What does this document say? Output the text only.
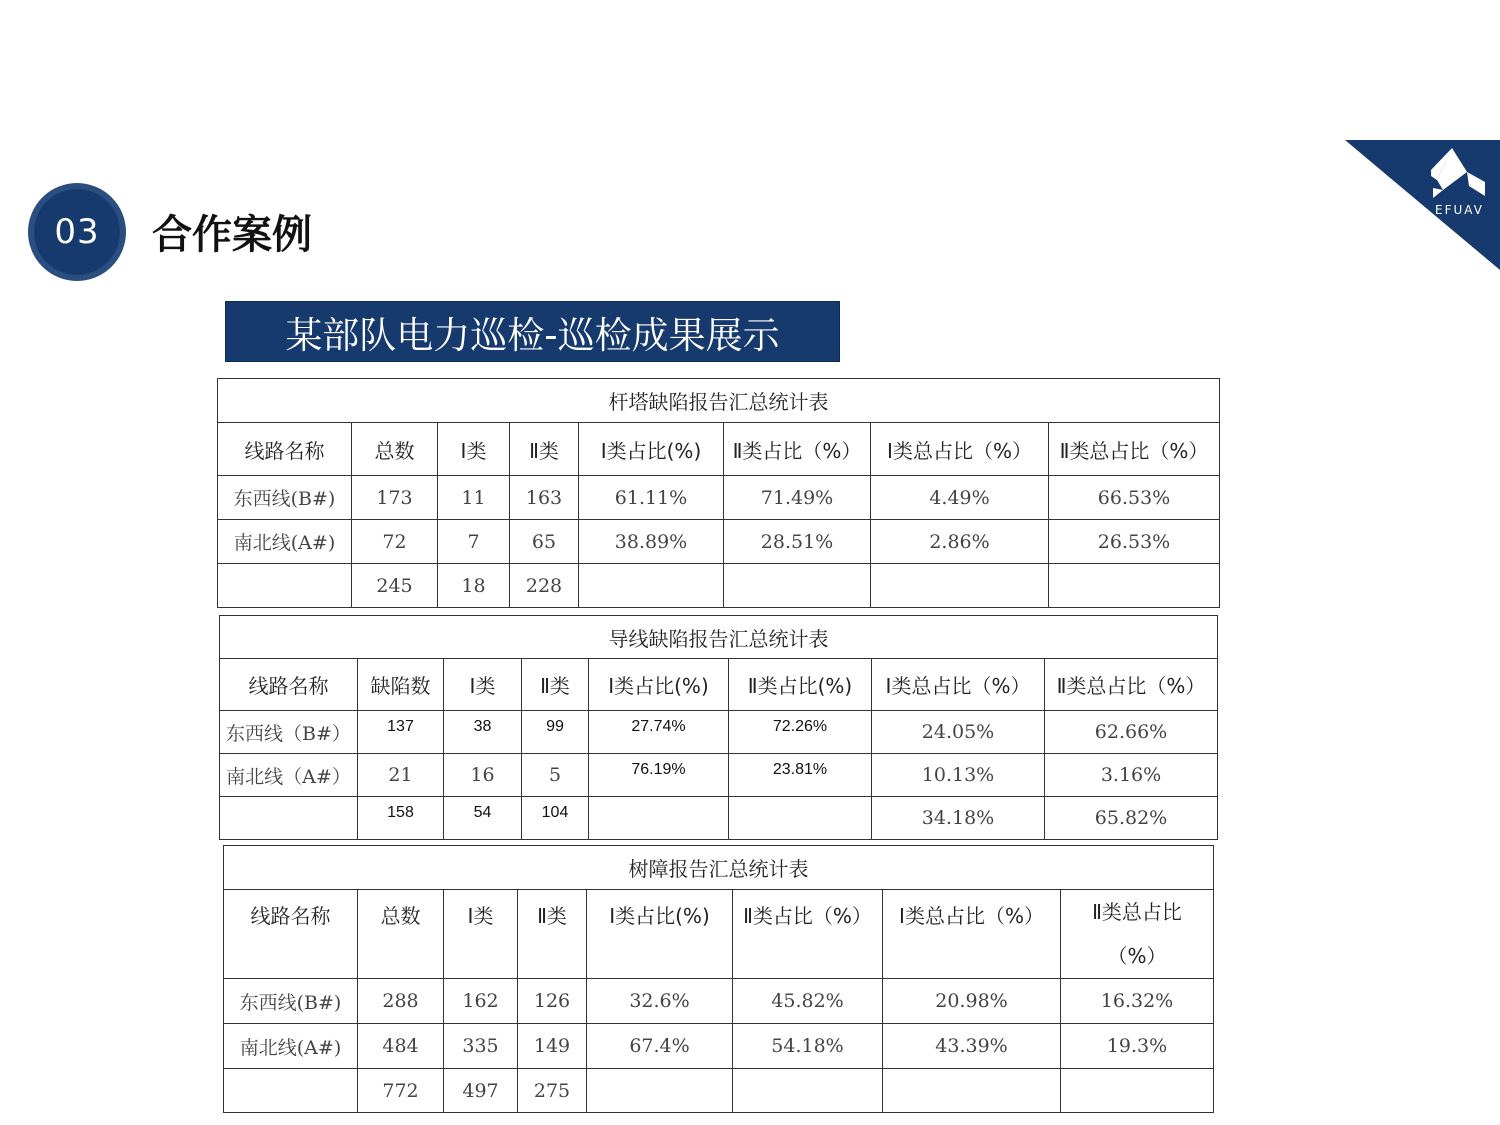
EFUAV
03	合作案例
某部队电力巡检-巡检成果展示
杆塔缺陷报告汇总统计表							
线路名称	总数	Ⅰ类	Ⅱ类	Ⅰ类占比(%)	Ⅱ类占比（%）	Ⅰ类总占比（%）	Ⅱ类总占比（%）
东西线(B#)	173	11	163	61.11%	71.49%	4.49%	66.53%
南北线(A#)	72	7	65	38.89%	28.51%	2.86%	26.53%
	245	18	228				
导线缺陷报告汇总统计表							
线路名称	缺陷数	Ⅰ类	Ⅱ类	Ⅰ类占比(%)	Ⅱ类占比(%)	Ⅰ类总占比（%）	Ⅱ类总占比（%）
东西线（B#）	137	38	99	27.74%	72.26%	24.05%	62.66%
南北线（A#）	21	16	5	76.19%	23.81%	10.13%	3.16%
	158	54	104			34.18%	65.82%
树障报告汇总统计表							
线路名称	总数	Ⅰ类	Ⅱ类	Ⅰ类占比(%)	Ⅱ类占比（%）	Ⅰ类总占比（%）	Ⅱ类总占比（%）
东西线(B#)	288	162	126	32.6%	45.82%	20.98%	16.32%
南北线(A#)	484	335	149	67.4%	54.18%	43.39%	19.3%
	772	497	275				
